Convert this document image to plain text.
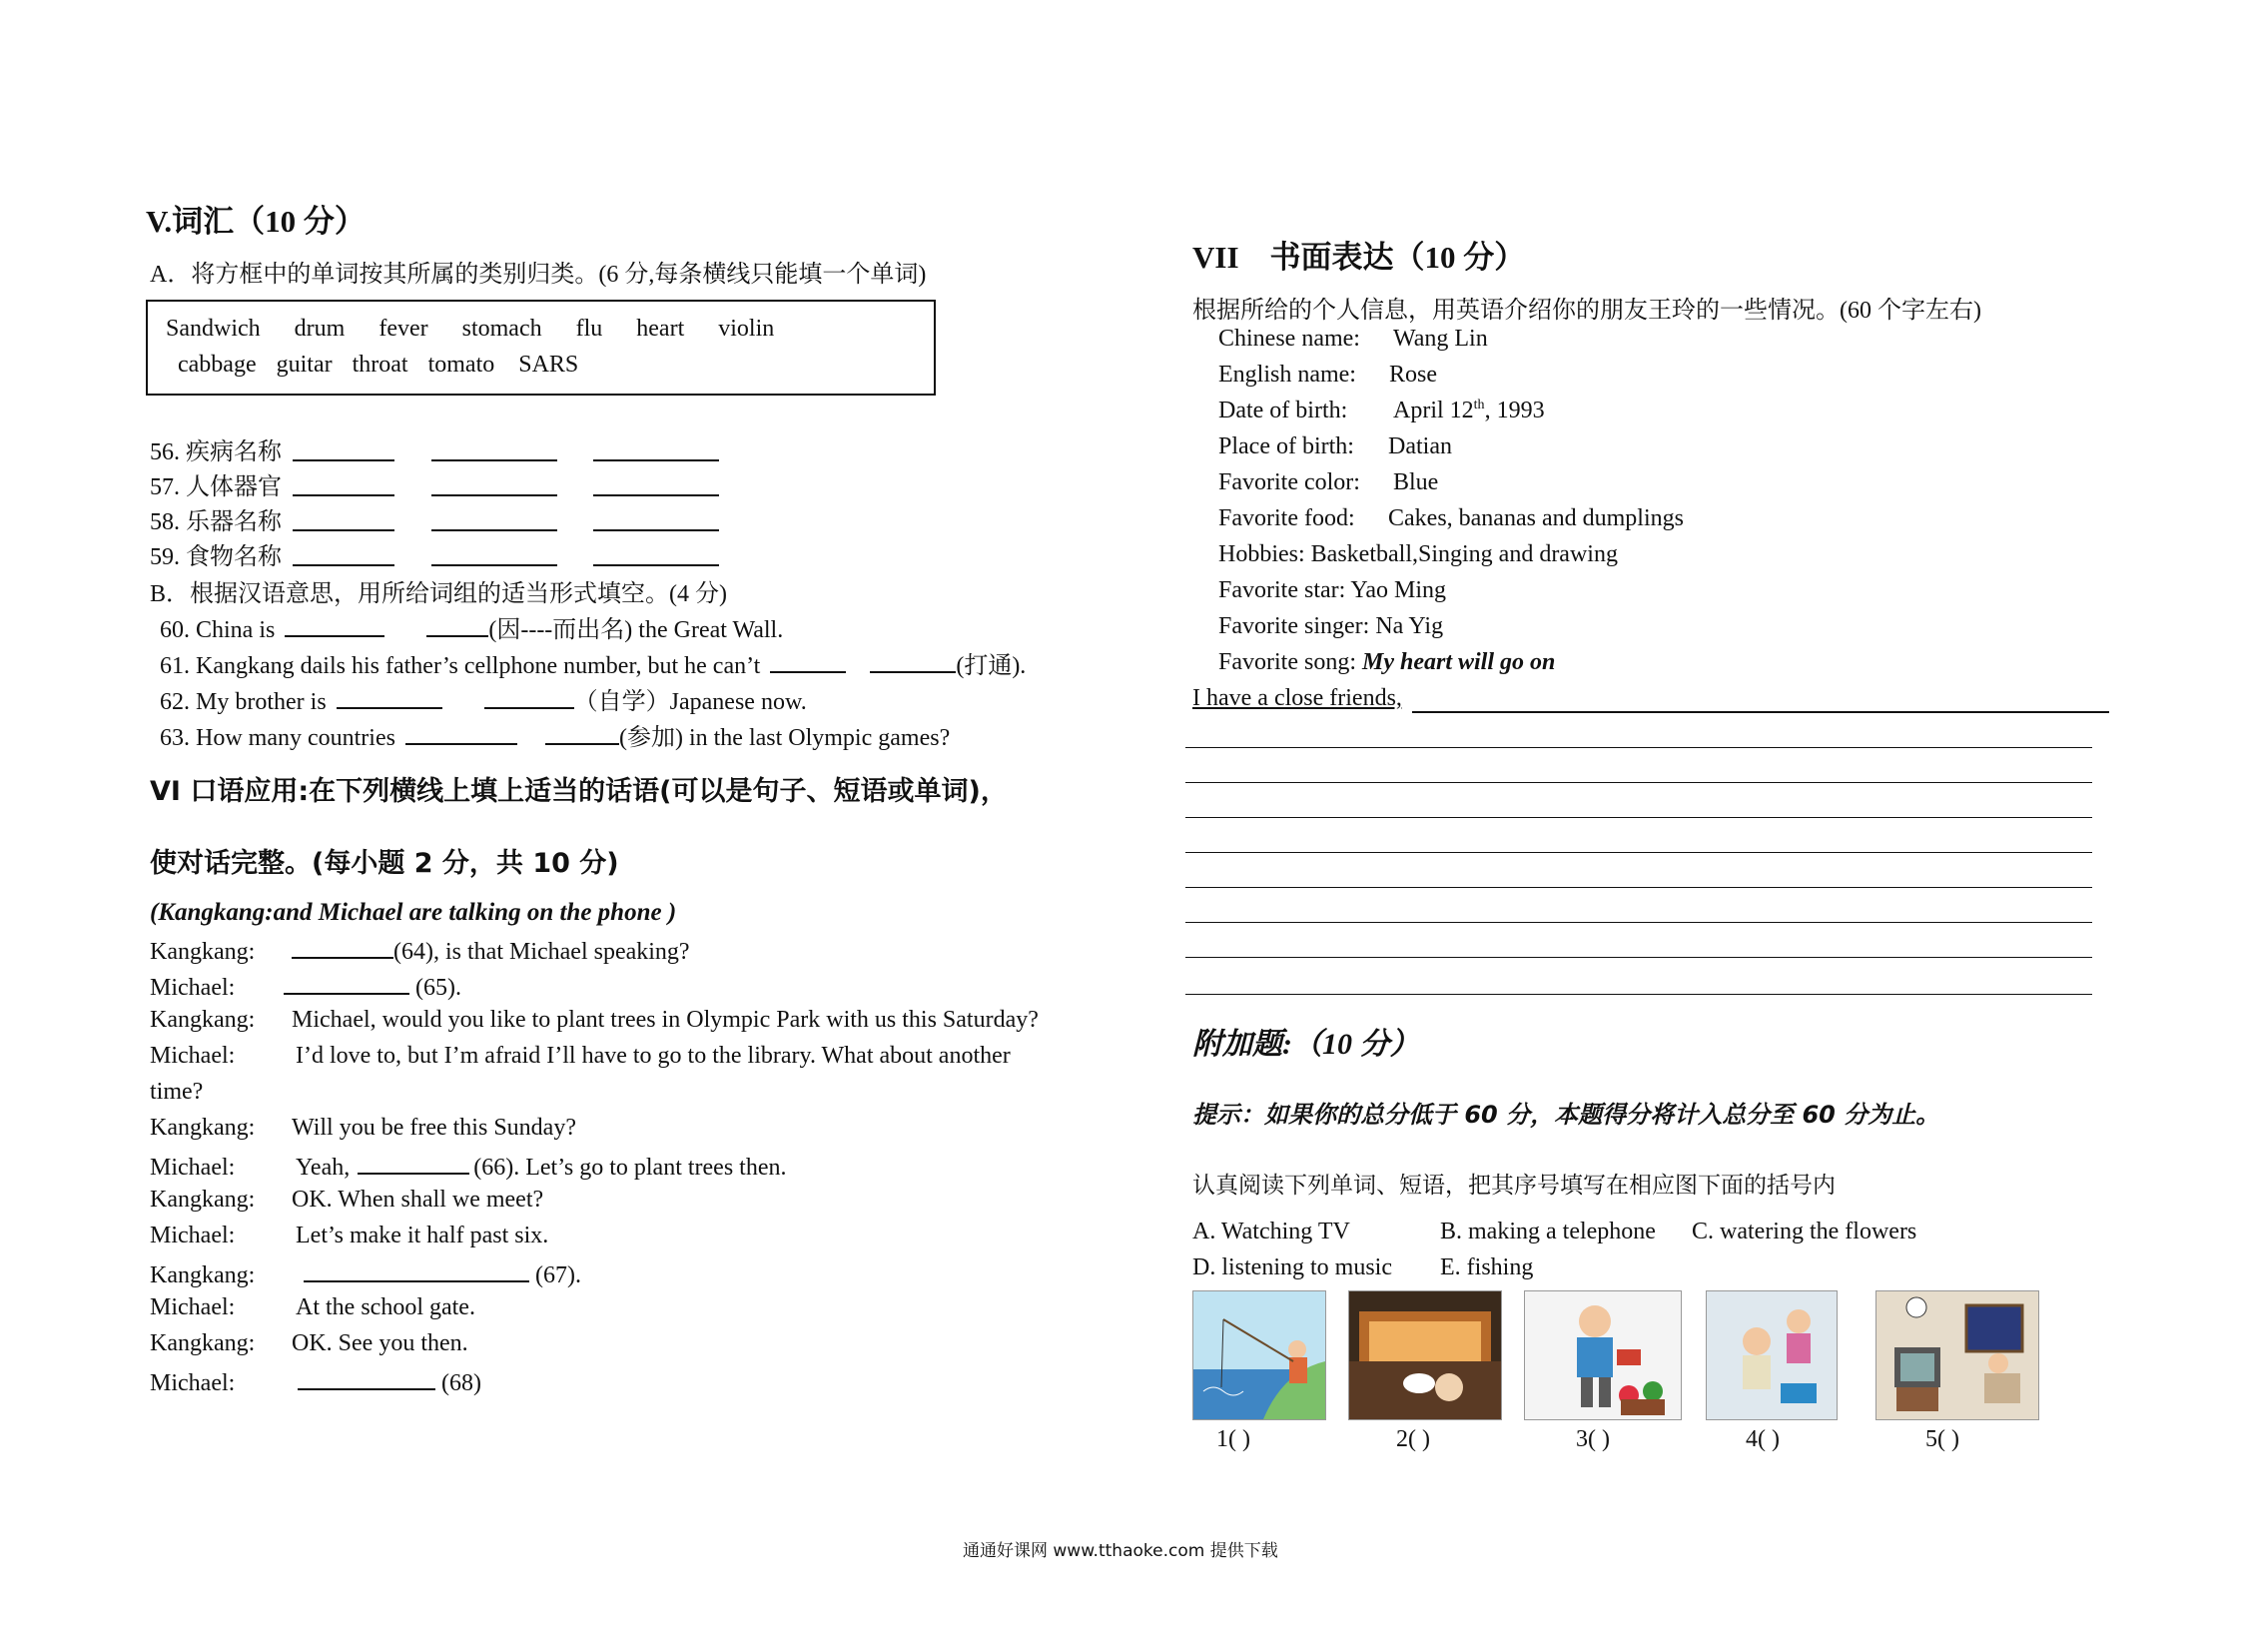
V.词汇（10 分）
A．将方框中的单词按其所属的类别归类。(6 分,每条横线只能填一个单词)
Sandwich drum fever stomach flu heart violin
cabbage guitar throat tomato SARS
56. 疾病名称
57. 人体器官
58. 乐器名称
59. 食物名称
B．根据汉语意思，用所给词组的适当形式填空。(4 分)
60. China is	(因----而出名) the Great Wall.
61. Kangkang dails his father’s cellphone number, but he can’t	(打通).
62. My brother is	（自学）Japanese now.
63. How many countries	(参加) in the last Olympic games?
VI 口语应用:在下列横线上填上适当的话语(可以是句子、短语或单词)，
使对话完整。(每小题 2 分，共 10 分)
(Kangkang:and Michael are talking on the phone )
Kangkang:	(64), is that Michael speaking?
Michael:	(65).
Kangkang: Michael, would you like to plant trees in Olympic Park with us this Saturday?
Michael:	I’d love to, but I’m afraid I’ll have to go to the library. What about another
time?
Kangkang: Will you be free this Sunday?
Michael:	Yeah,	(66). Let’s go to plant trees then.
Kangkang: OK. When shall we meet?
Michael:	Let’s make it half past six.
Kangkang:	(67).
Michael:	At the school gate.
Kangkang: OK. See you then.
Michael:	(68)
VII　书面表达（10 分）
根据所给的个人信息，用英语介绍你的朋友王玲的一些情况。(60 个字左右)
Chinese name: Wang Lin
English name: Rose
Date of birth: April 12th, 1993
Place of birth: Datian
Favorite color: Blue
Favorite food: Cakes, bananas and dumplings
Hobbies: Basketball,Singing and drawing
Favorite star: Yao Ming
Favorite singer: Na Yig
Favorite song: My heart will go on
I have a close friends,
附加题:（10 分）
提示：如果你的总分低于 60 分，本题得分将计入总分至 60 分为止。
认真阅读下列单词、短语，把其序号填写在相应图下面的括号内
A. Watching TV	B. making a telephone C. watering the flowers
D. listening to music E. fishing
1( )	2( )	3( )	4( )	5( )
通通好课网 www.tthaoke.com 提供下载
